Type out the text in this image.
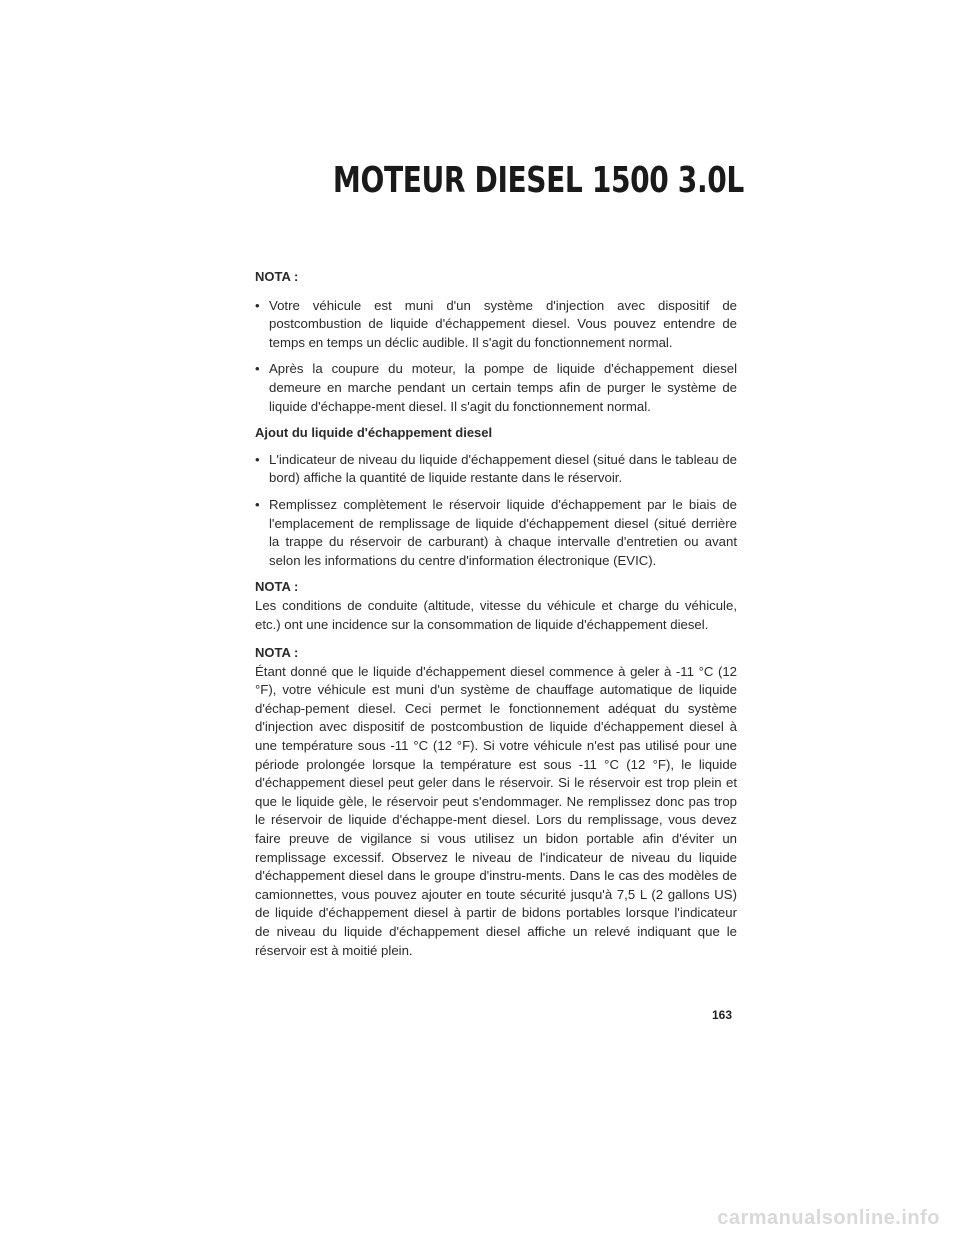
MOTEUR DIESEL 1500 3.0L
NOTA :
• Votre véhicule est muni d'un système d'injection avec dispositif de postcombustion de liquide d'échappement diesel. Vous pouvez entendre de temps en temps un déclic audible. Il s'agit du fonctionnement normal.
• Après la coupure du moteur, la pompe de liquide d'échappement diesel demeure en marche pendant un certain temps afin de purger le système de liquide d'échappe-ment diesel. Il s'agit du fonctionnement normal.
Ajout du liquide d'échappement diesel
• L'indicateur de niveau du liquide d'échappement diesel (situé dans le tableau de bord) affiche la quantité de liquide restante dans le réservoir.
• Remplissez complètement le réservoir liquide d'échappement par le biais de l'emplacement de remplissage de liquide d'échappement diesel (situé derrière la trappe du réservoir de carburant) à chaque intervalle d'entretien ou avant selon les informations du centre d'information électronique (EVIC).
NOTA :
Les conditions de conduite (altitude, vitesse du véhicule et charge du véhicule, etc.) ont une incidence sur la consommation de liquide d'échappement diesel.
NOTA :
Étant donné que le liquide d'échappement diesel commence à geler à -11 °C (12 °F), votre véhicule est muni d'un système de chauffage automatique de liquide d'échap-pement diesel. Ceci permet le fonctionnement adéquat du système d'injection avec dispositif de postcombustion de liquide d'échappement diesel à une température sous -11 °C (12 °F). Si votre véhicule n'est pas utilisé pour une période prolongée lorsque la température est sous -11 °C (12 °F), le liquide d'échappement diesel peut geler dans le réservoir. Si le réservoir est trop plein et que le liquide gèle, le réservoir peut s'endommager. Ne remplissez donc pas trop le réservoir de liquide d'échappe-ment diesel. Lors du remplissage, vous devez faire preuve de vigilance si vous utilisez un bidon portable afin d'éviter un remplissage excessif. Observez le niveau de l'indicateur de niveau du liquide d'échappement diesel dans le groupe d'instru-ments. Dans le cas des modèles de camionnettes, vous pouvez ajouter en toute sécurité jusqu'à 7,5 L (2 gallons US) de liquide d'échappement diesel à partir de bidons portables lorsque l'indicateur de niveau du liquide d'échappement diesel affiche un relevé indiquant que le réservoir est à moitié plein.
163
carmanualsonline.info
